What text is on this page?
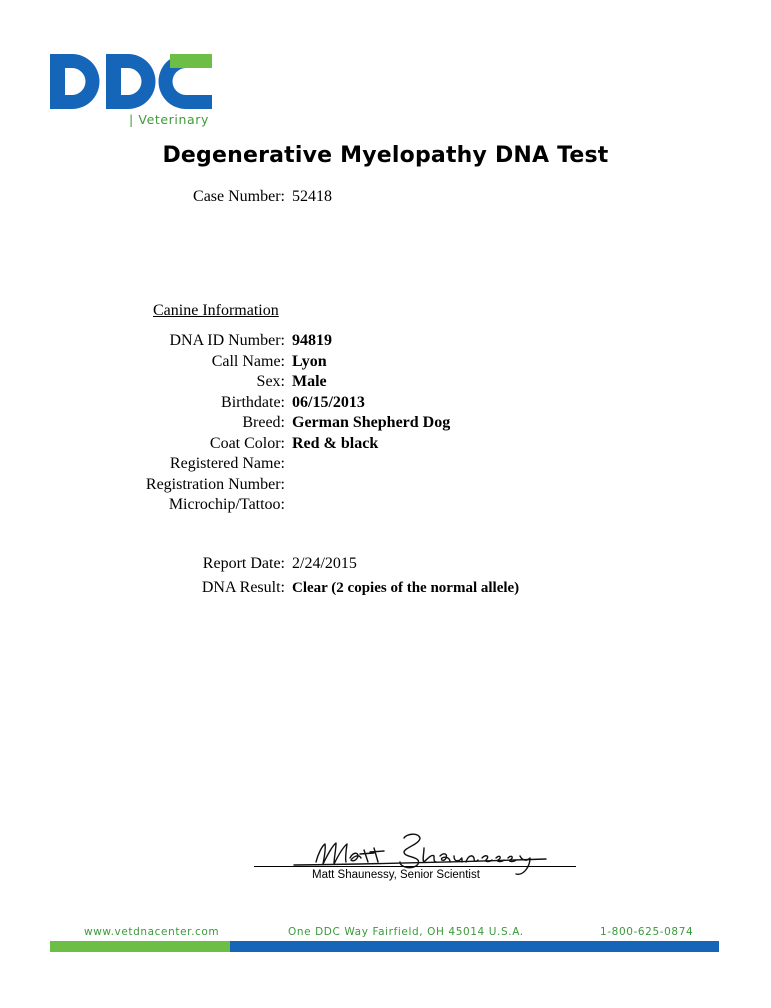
| Veterinary
Degenerative Myelopathy DNA Test
Case Number: 52418
Canine Information
DNA ID Number: 94819
Call Name: Lyon
Sex: Male
Birthdate: 06/15/2013
Breed: German Shepherd Dog
Coat Color: Red & black
Registered Name:
Registration Number:
Microchip/Tattoo:
Report Date: 2/24/2015
DNA Result: Clear (2 copies of the normal allele)
Matt Shaunessy, Senior Scientist
www.vetdnacenter.com	One DDC Way Fairfield, OH 45014 U.S.A.	1-800-625-0874
